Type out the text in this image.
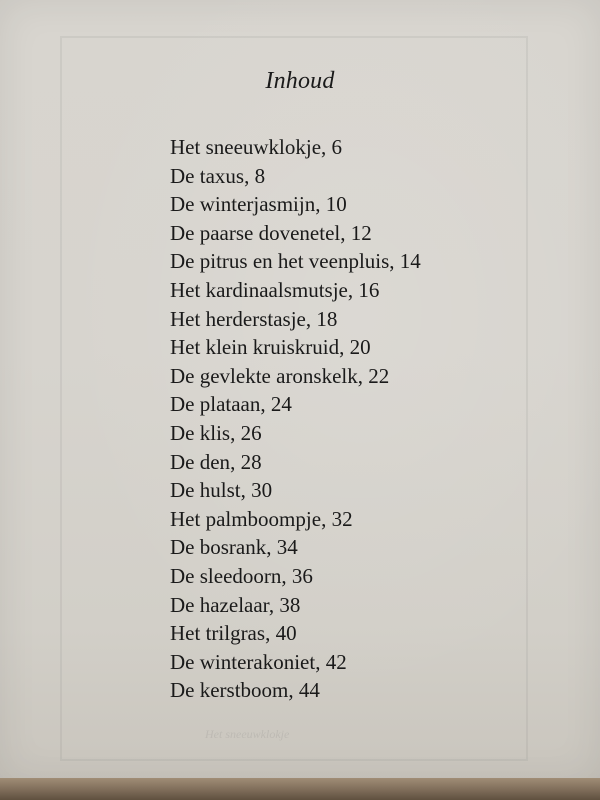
Inhoud
Het sneeuwklokje , 6
De taxus , 8
De winterjasmijn , 10
De paarse dovenetel , 12
De pitrus en het veenpluis , 14
Het kardinaalsmutsje , 16
Het herderstasje , 18
Het klein kruiskruid , 20
De gevlekte aronskelk , 22
De plataan , 24
De klis , 26
De den , 28
De hulst , 30
Het palmboompje , 32
De bosrank , 34
De sleedoorn , 36
De hazelaar , 38
Het trilgras , 40
De winterakoniet , 42
De kerstboom , 44
Het sneeuwklokje
